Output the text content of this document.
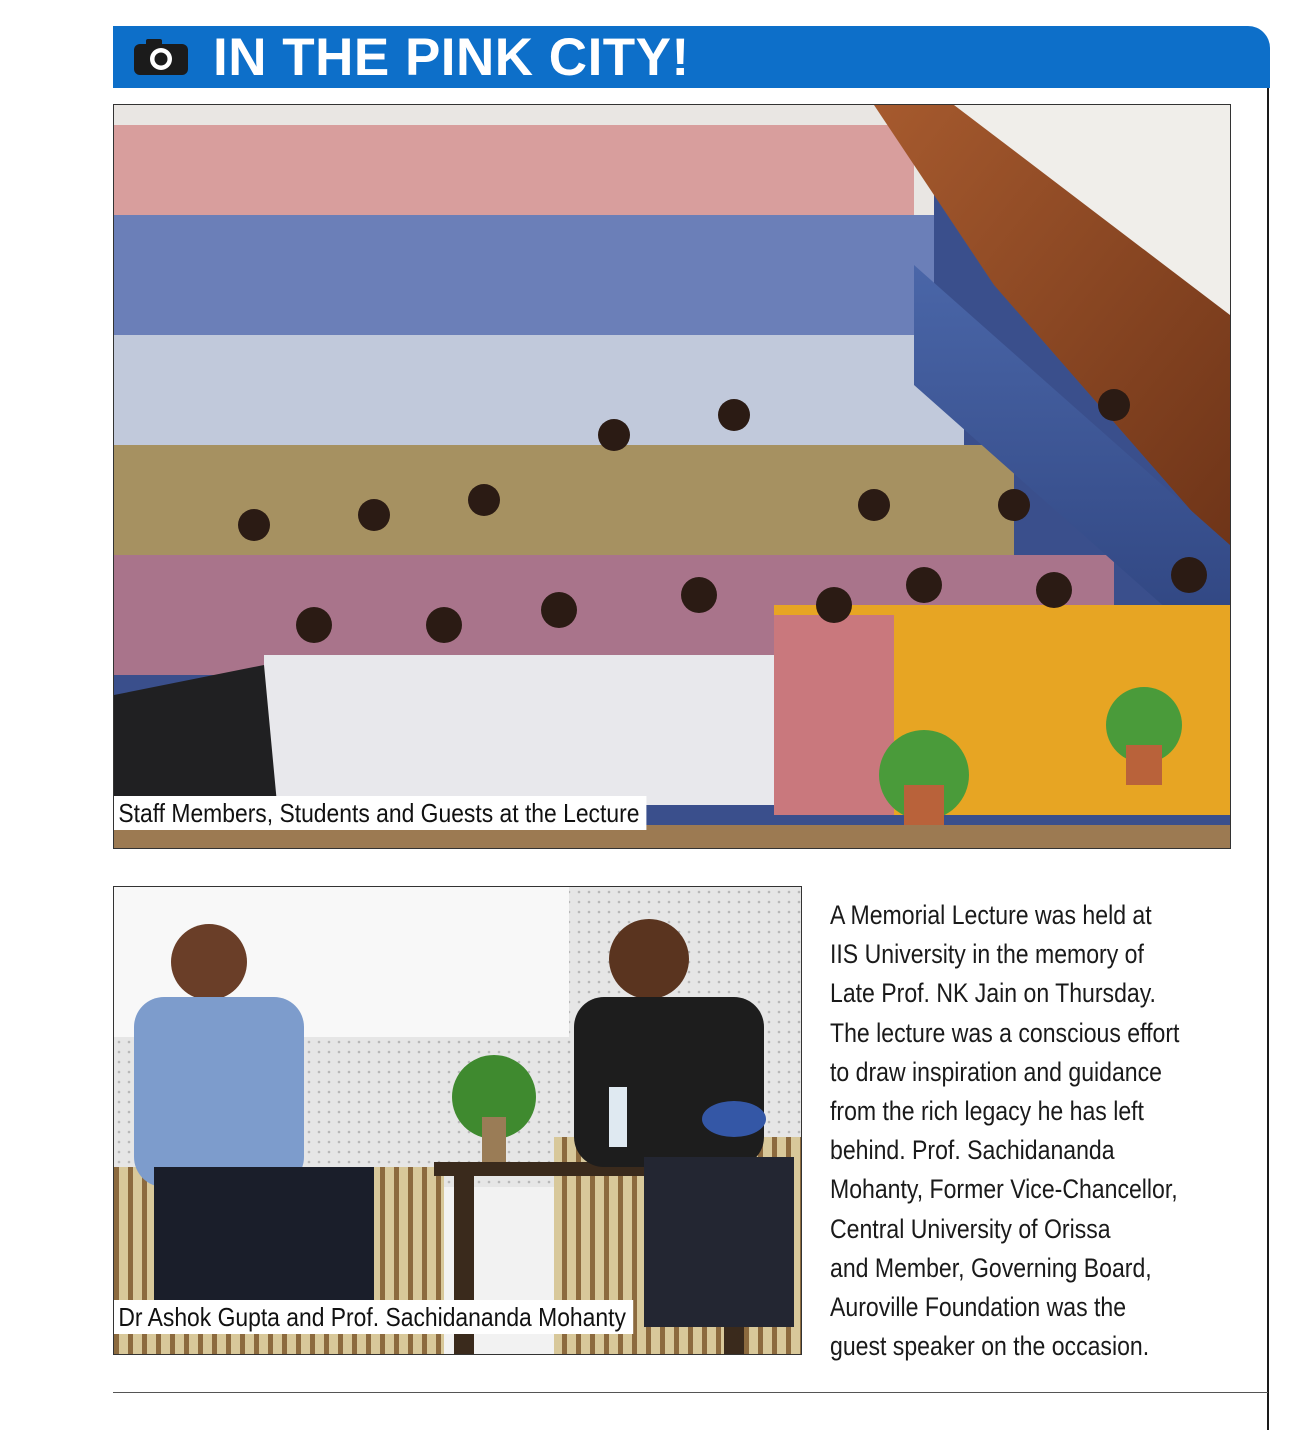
IN THE PINK CITY!
Staff Members, Students and Guests at the Lecture
Dr Ashok Gupta and Prof. Sachidananda Mohanty
A Memorial Lecture was held at
IIS University in the memory of
Late Prof. NK Jain on Thursday.
The lecture was a conscious effort
to draw inspiration and guidance
from the rich legacy he has left
behind. Prof. Sachidananda
Mohanty, Former Vice-Chancellor,
Central University of Orissa
and Member, Governing Board,
Auroville Foundation was the
guest speaker on the occasion.
